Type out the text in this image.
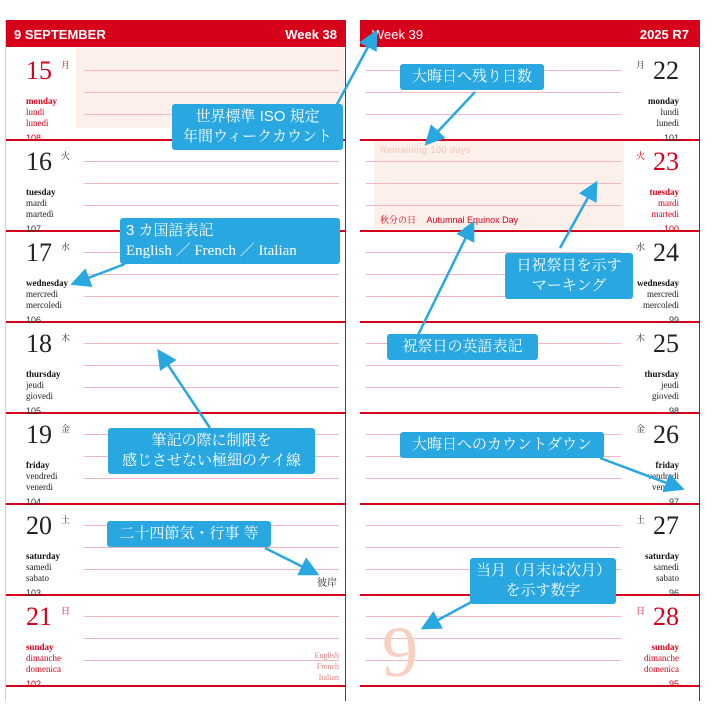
9 SEPTEMBER	Week 38
15 月
monday
lundi
lunedì
108
16 火
tuesday
mardi
martedì
107
17 水
wednesday
mercredi
mercoledì
106
18 木
thursday
jeudi
giovedì
105
19 金
friday
vendredi
venerdì
104
20 土
saturday
samedi
sabato
103
21 日
sunday
dimanche
domenica
102
English
French
Italian
彼岸
Week 39	2025 R7
22
月
monday
lundi
lunedì
101
23
火
tuesday
mardi
martedì
100
24
水
wednesday
mercredi
mercoledì
99
25
木
thursday
jeudi
giovedì
98
26
金
friday
vendredi
venerdì
97
27
土
saturday
samedi
sabato
96
28
日
sunday
dimanche
domenica
95
Remaining 100 days
秋分の日 Autumnal Equinox Day
9
世界標準 ISO 規定
年間ウィークカウント
3 カ国語表記
English ／ French ／ Italian
筆記の際に制限を
感じさせない極細のケイ線
二十四節気・行事 等
大晦日へ残り日数
日祝祭日を示す
マーキング
祝祭日の英語表記
大晦日へのカウントダウン
当月（月末は次月）
を示す数字
